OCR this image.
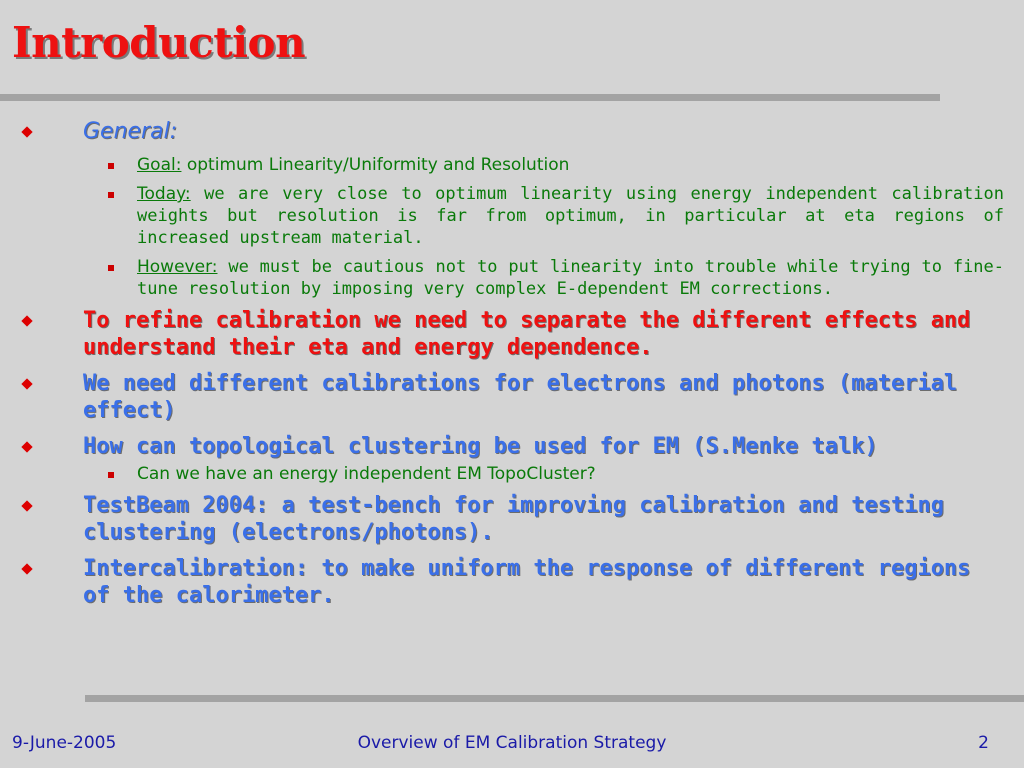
Introduction
General:
Goal: optimum Linearity/Uniformity and Resolution
Today: we are very close to optimum linearity using energy independent calibration weights but resolution is far from optimum, in particular at eta regions of increased upstream material.
However: we must be cautious not to put linearity into trouble while trying to fine-tune resolution by imposing very complex E-dependent EM corrections.
To refine calibration we need to separate the different effects and understand their eta and energy dependence.
We need different calibrations for electrons and photons (material effect)
How can topological clustering be used for EM (S.Menke talk)
Can we have an energy independent EM TopoCluster?
TestBeam 2004: a test-bench for improving calibration and testing clustering (electrons/photons).
Intercalibration: to make uniform the response of different regions of the calorimeter.
9-June-2005	Overview of EM Calibration Strategy	2
